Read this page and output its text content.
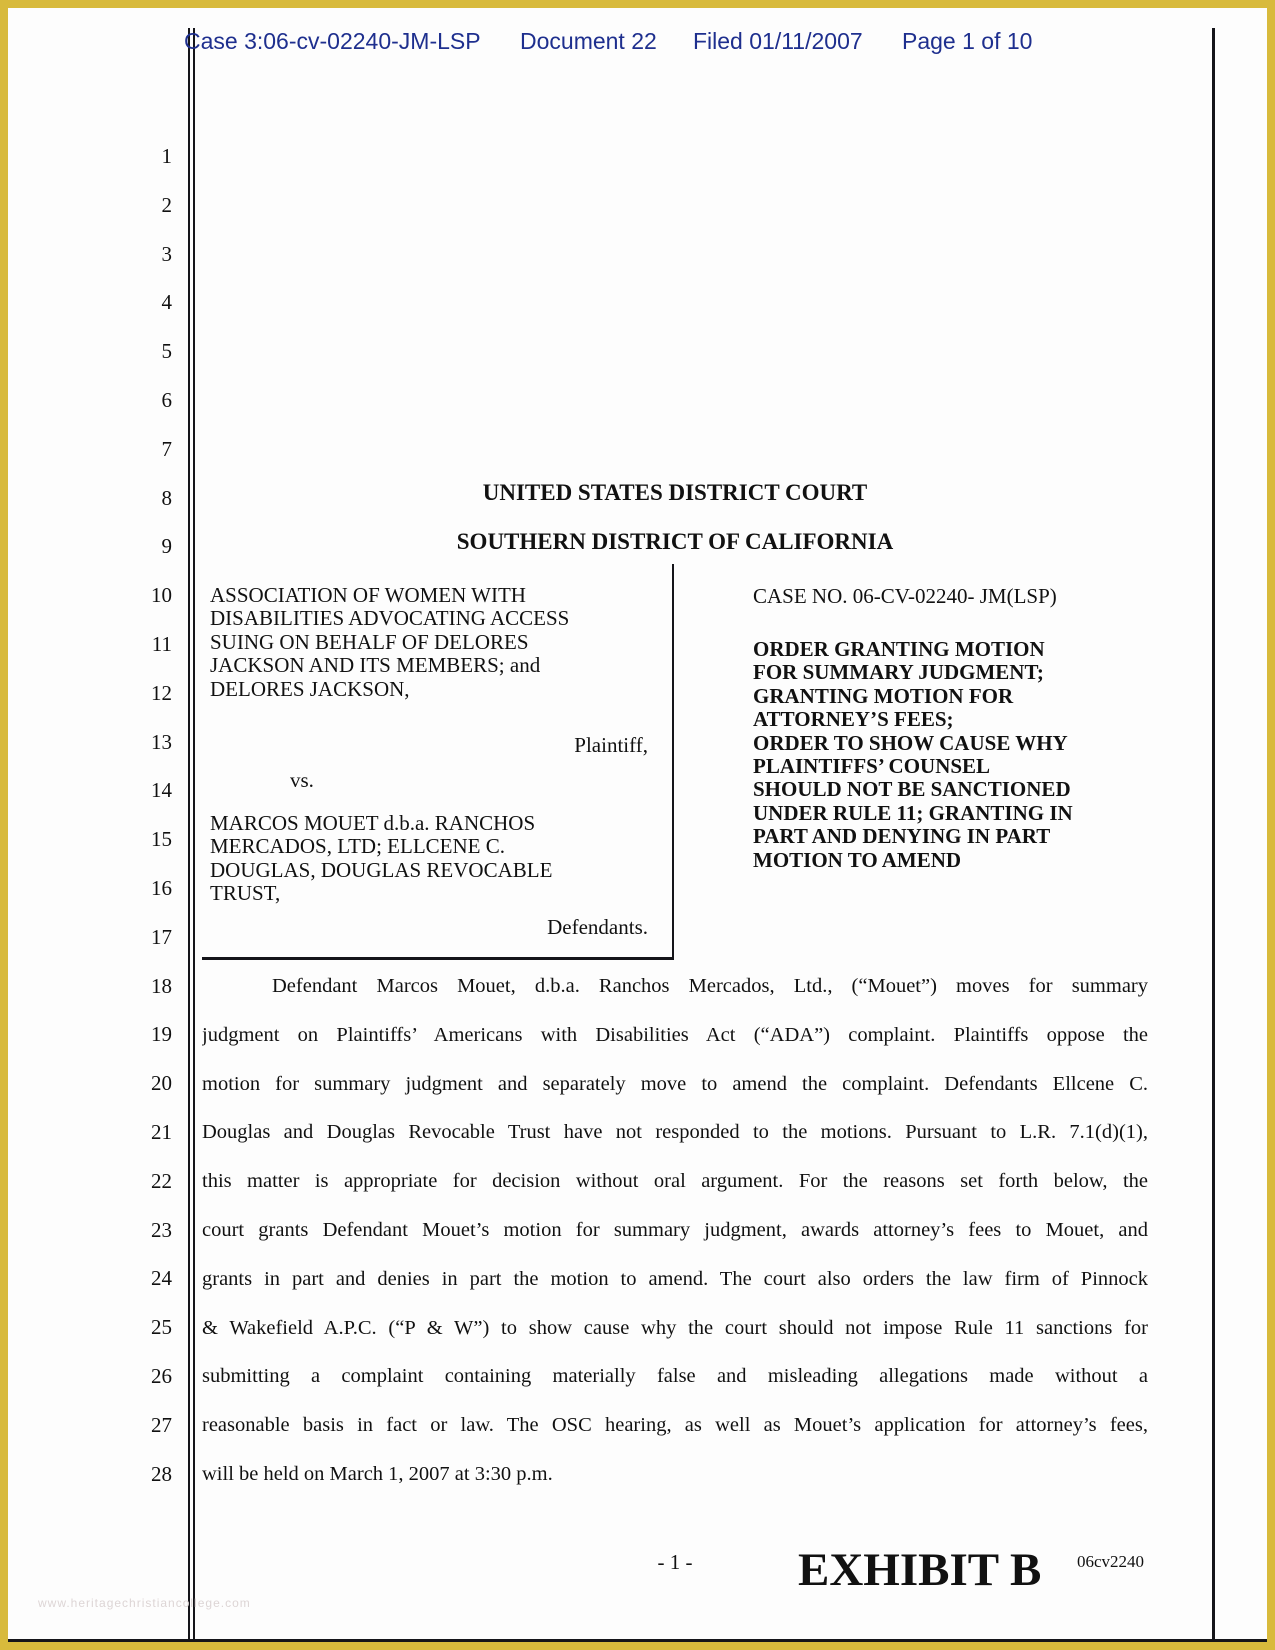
Case 3:06-cv-02240-JM-LSP Document 22 Filed 01/11/2007 Page 1 of 10
1
2
3
4
5
6
7
8
9
10
11
12
13
14
15
16
17
18
19
20
21
22
23
24
25
26
27
28
UNITED STATES DISTRICT COURT
SOUTHERN DISTRICT OF CALIFORNIA
ASSOCIATION OF WOMEN WITH
DISABILITIES ADVOCATING ACCESS
SUING ON BEHALF OF DELORES
JACKSON AND ITS MEMBERS; and
DELORES JACKSON,
Plaintiff,
vs.
MARCOS MOUET d.b.a. RANCHOS
MERCADOS, LTD; ELLCENE C.
DOUGLAS, DOUGLAS REVOCABLE
TRUST,
Defendants.
CASE NO. 06-CV-02240- JM(LSP)
ORDER GRANTING MOTION
FOR SUMMARY JUDGMENT;
GRANTING MOTION FOR
ATTORNEY’S FEES;
ORDER TO SHOW CAUSE WHY
PLAINTIFFS’ COUNSEL
SHOULD NOT BE SANCTIONED
UNDER RULE 11; GRANTING IN
PART AND DENYING IN PART
MOTION TO AMEND
Defendant Marcos Mouet, d.b.a. Ranchos Mercados, Ltd., (“Mouet”) moves for summary
judgment on Plaintiffs’ Americans with Disabilities Act (“ADA”) complaint. Plaintiffs oppose the
motion for summary judgment and separately move to amend the complaint. Defendants Ellcene C.
Douglas and Douglas Revocable Trust have not responded to the motions. Pursuant to L.R. 7.1(d)(1),
this matter is appropriate for decision without oral argument. For the reasons set forth below, the
court grants Defendant Mouet’s motion for summary judgment, awards attorney’s fees to Mouet, and
grants in part and denies in part the motion to amend. The court also orders the law firm of Pinnock
& Wakefield A.P.C. (“P & W”) to show cause why the court should not impose Rule 11 sanctions for
submitting a complaint containing materially false and misleading allegations made without a
reasonable basis in fact or law. The OSC hearing, as well as Mouet’s application for attorney’s fees,
will be held on March 1, 2007 at 3:30 p.m.
- 1 -	EXHIBIT B 06cv2240
www.heritagechristiancollege.com
